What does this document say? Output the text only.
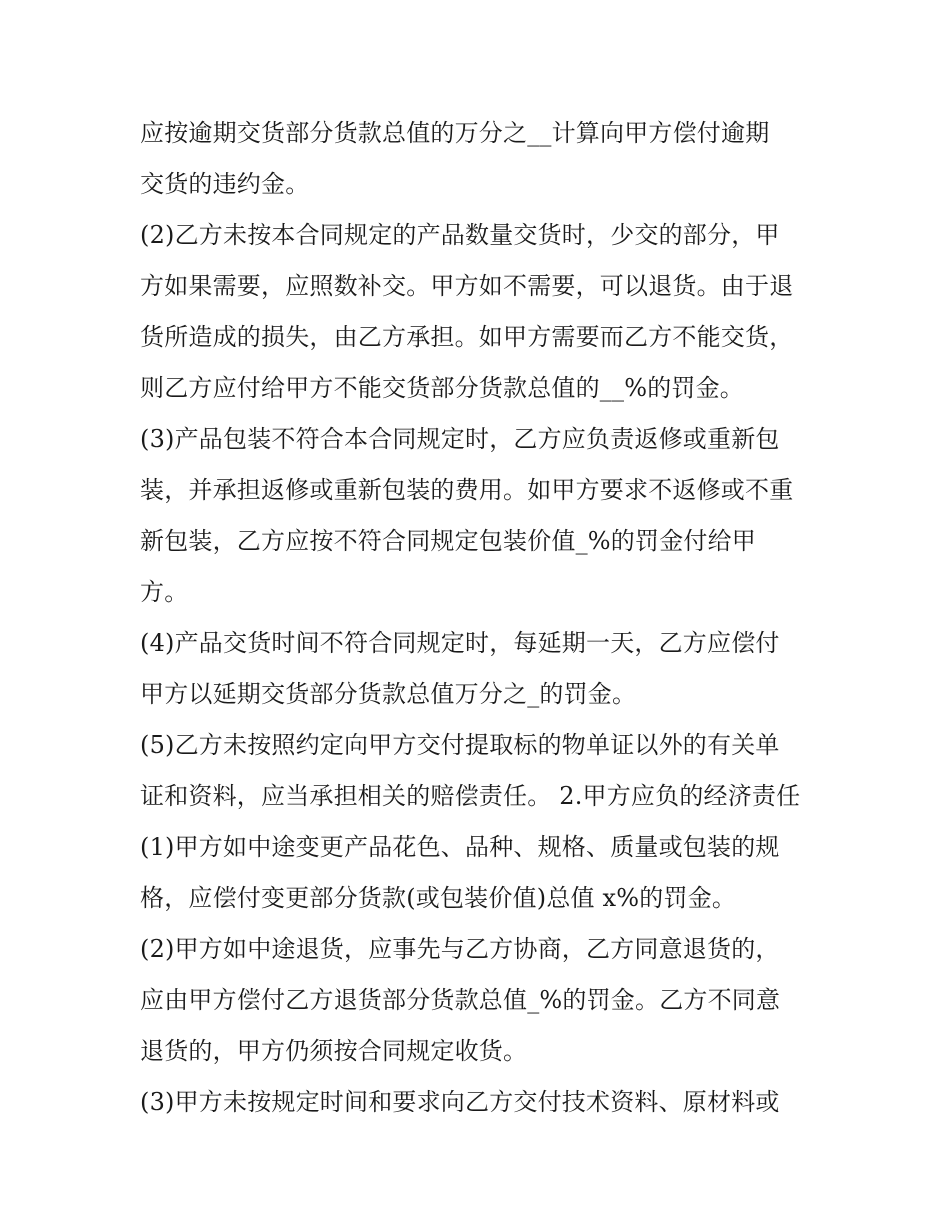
应按逾期交货部分货款总值的万分之__计算向甲方偿付逾期
交货的违约金。
(2)乙方未按本合同规定的产品数量交货时，少交的部分，甲
方如果需要，应照数补交。甲方如不需要，可以退货。由于退
货所造成的损失，由乙方承担。如甲方需要而乙方不能交货，
则乙方应付给甲方不能交货部分货款总值的__%的罚金。
(3)产品包装不符合本合同规定时，乙方应负责返修或重新包
装，并承担返修或重新包装的费用。如甲方要求不返修或不重
新包装，乙方应按不符合同规定包装价值_%的罚金付给甲
方。
(4)产品交货时间不符合同规定时，每延期一天，乙方应偿付
甲方以延期交货部分货款总值万分之_的罚金。
(5)乙方未按照约定向甲方交付提取标的物单证以外的有关单
证和资料，应当承担相关的赔偿责任。 2.甲方应负的经济责任
(1)甲方如中途变更产品花色、品种、规格、质量或包装的规
格，应偿付变更部分货款(或包装价值)总值 x%的罚金。
(2)甲方如中途退货，应事先与乙方协商，乙方同意退货的，
应由甲方偿付乙方退货部分货款总值_%的罚金。乙方不同意
退货的，甲方仍须按合同规定收货。
(3)甲方未按规定时间和要求向乙方交付技术资料、原材料或
